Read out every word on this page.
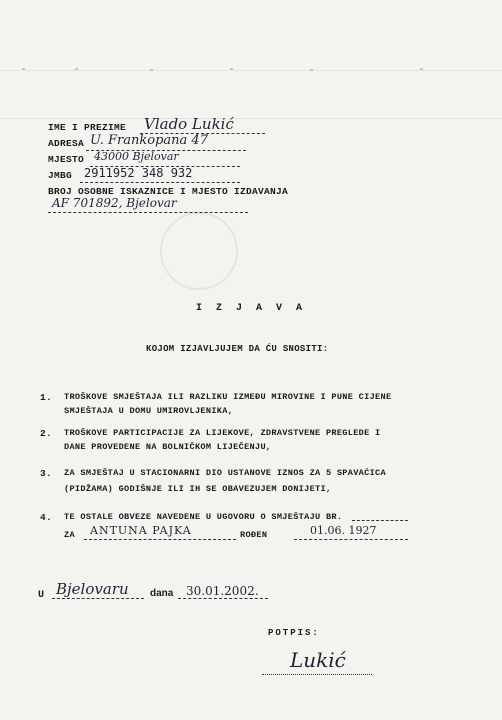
IME I PREZIME Vlado Lukić
ADRESA U. Frankopana 47
MJESTO 43000 Bjelovar
JMBG 2911952 348 932
BROJ OSOBNE ISKAZNICE I MJESTO IZDAVANJA
AF 701892, Bjelovar
I Z J A V A
KOJOM IZJAVLJUJEM DA ĆU SNOSITI:
1. TROŠKOVE SMJEŠTAJA ILI RAZLIKU IZMEĐU MIROVINE I PUNE CIJENE
SMJEŠTAJA U DOMU UMIROVLJENIKA,
2. TROŠKOVE PARTICIPACIJE ZA LIJEKOVE, ZDRAVSTVENE PREGLEDE I
DANE PROVEDENE NA BOLNIČKOM LIJEČENJU,
3. ZA SMJEŠTAJ U STACIONARNI DIO USTANOVE IZNOS ZA 5 SPAVAĆICA
(PIDŽAMA) GODIŠNJE ILI IH SE OBAVEZUJEM DONIJETI,
4. TE OSTALE OBVEZE NAVEDENE U UGOVORU O SMJEŠTAJU BR.
ZA ANTUNA PAJKA	ROĐEN	01.06. 1927
U Bjelovaru dana 30.01.2002.
POTPIS:
Lukić
